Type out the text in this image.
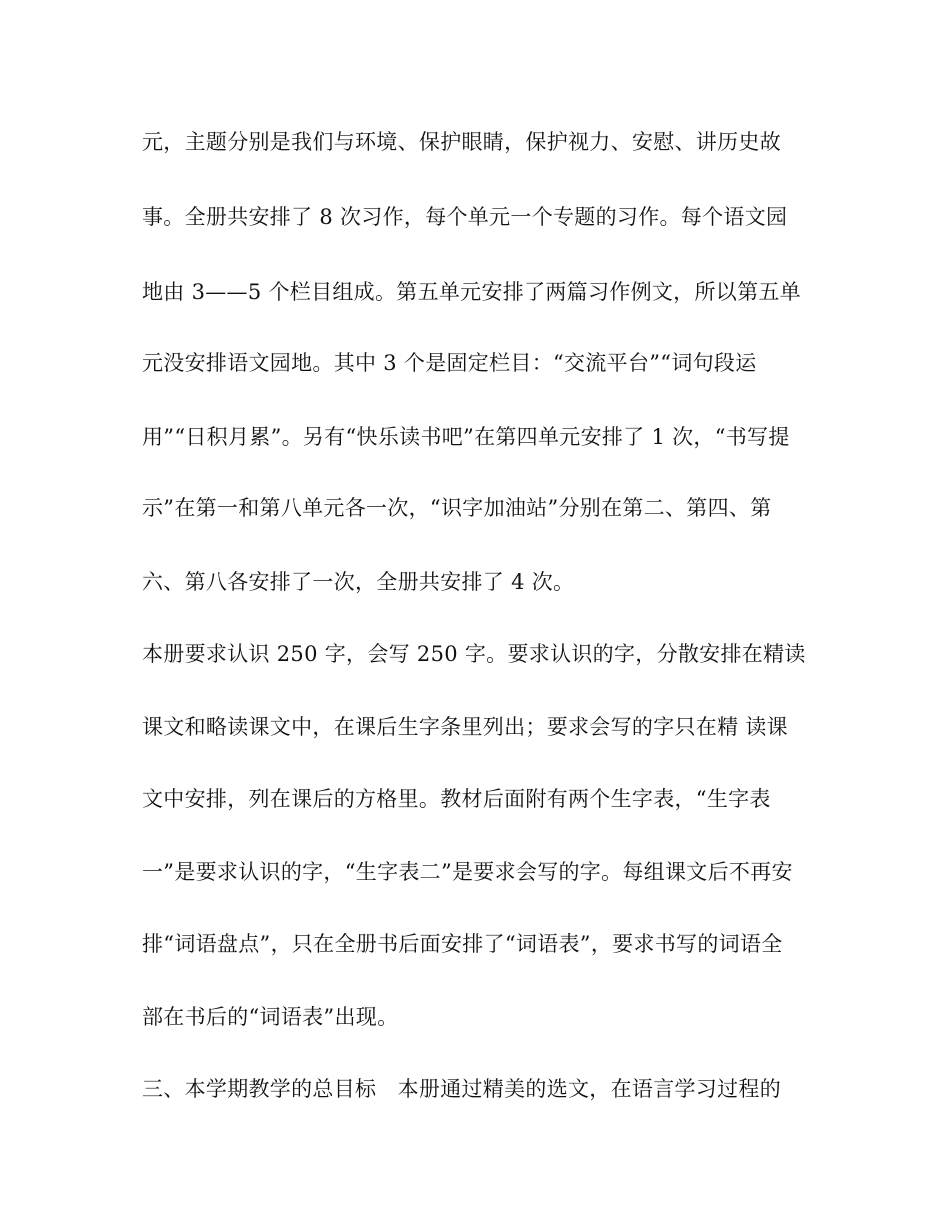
元，主题分别是我们与环境、保护眼睛，保护视力、安慰、讲历史故
事。全册共安排了 8 次习作，每个单元一个专题的习作。每个语文园
地由 3——5 个栏目组成。第五单元安排了两篇习作例文，所以第五单
元没安排语文园地。其中 3 个是固定栏目：“交流平台”“词句段运
用”“日积月累”。另有“快乐读书吧”在第四单元安排了 1 次，“书写提
示”在第一和第八单元各一次，“识字加油站”分别在第二、第四、第
六、第八各安排了一次，全册共安排了 4 次。
本册要求认识 250 字，会写 250 字。要求认识的字，分散安排在精读
课文和略读课文中，在课后生字条里列出；要求会写的字只在精 读课
文中安排，列在课后的方格里。教材后面附有两个生字表，“生字表
一”是要求认识的字，“生字表二”是要求会写的字。每组课文后不再安
排“词语盘点”，只在全册书后面安排了“词语表”，要求书写的词语全
部在书后的“词语表”出现。
三、本学期教学的总目标　本册通过精美的选文，在语言学习过程的
